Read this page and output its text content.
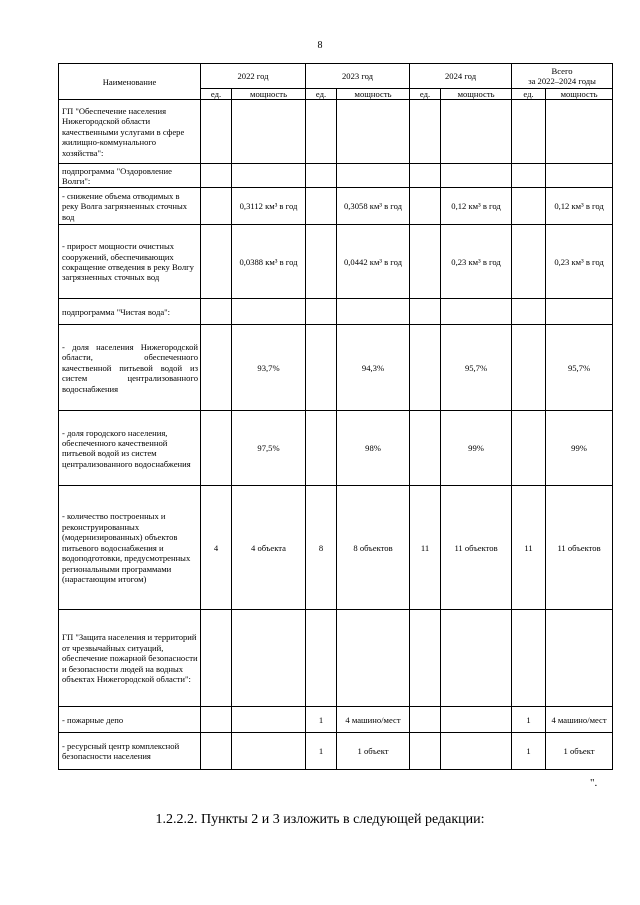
8
Наименование	2022 год		2023 год		2024 год		Всего
за 2022–2024 годы	

	ед.	мощность	ед.	мощность	ед.	мощность	ед.	мощность
ГП "Обеспечение населения Нижегородской области качественными услугами в сфере жилищно-коммунального хозяйства":								
подпрограмма "Оздоровление Волги":								
- снижение объема отводимых в реку Волга загрязненных сточных вод		0,3112 км³ в год		0,3058 км³ в год		0,12 км³ в год		0,12 км³ в год
- прирост мощности очистных сооружений, обеспечивающих сокращение отведения в реку Волгу загрязненных сточных вод		0,0388 км³ в год		0,0442 км³ в год		0,23 км³ в год		0,23 км³ в год
подпрограмма "Чистая вода":								
- доля населения Нижегородской области, обеспеченного качественной питьевой водой из систем централизованного водоснабжения		93,7%		94,3%		95,7%		95,7%
- доля городского населения, обеспеченного качественной питьевой водой из систем централизованного водоснабжения		97,5%		98%		99%		99%
- количество построенных и реконструированных (модернизированных) объектов питьевого водоснабжения и водоподготовки, предусмотренных региональными программами (нарастающим итогом)	4	4 объекта	8	8 объектов	11	11 объектов	11	11 объектов
ГП "Защита населения и территорий от чрезвычайных ситуаций, обеспечение пожарной безопасности и безопасности людей на водных объектах Нижегородской области":								
- пожарные депо			1	4 машино/мест			1	4 машино/мест
- ресурсный центр комплексной безопасности населения			1	1 объект			1	1 объект
".
1.2.2.2. Пункты 2 и 3 изложить в следующей редакции:
